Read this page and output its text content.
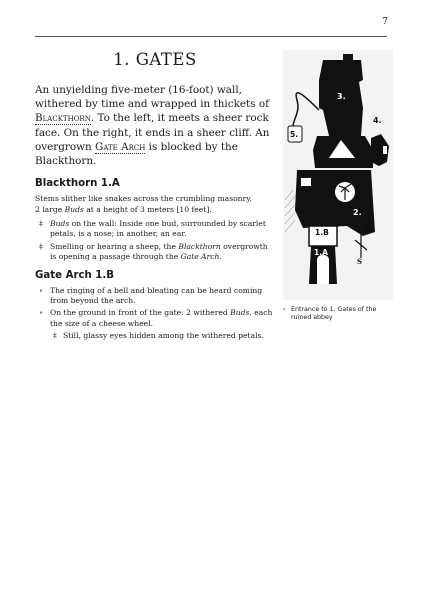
7
1. GATES

An unyielding five-meter (16-foot) wall, withered by time and wrapped in thickets of Blackthorn. To the left, it meets a sheer rock face. On the right, it ends in a sheer cliff. An overgrown Gate Arch is blocked by the Blackthorn.

Blackthorn 1.A

Stems slither like snakes across the crumbling masonry.
2 large Buds at a height of 3 meters [10 feet].

‡ Buds on the wall: Inside one bud, surrounded by scarlet petals, is a nose; in another, an ear.
‡ Smelling or hearing a sheep, the Blackthorn overgrowth is opening a passage through the Gate Arch.
Gate Arch 1.B
∘ The ringing of a bell and bleating can be heard coming from beyond the arch.
∘ On the ground in front of the gate: 2 withered Buds, each the size of a cheese wheel.
‡ Still, glassy eyes hidden among the withered petals.
3.
4.
5.
2.
1.B
1.A
N
S
› Entrance to 1. Gates of the ruined abbey
